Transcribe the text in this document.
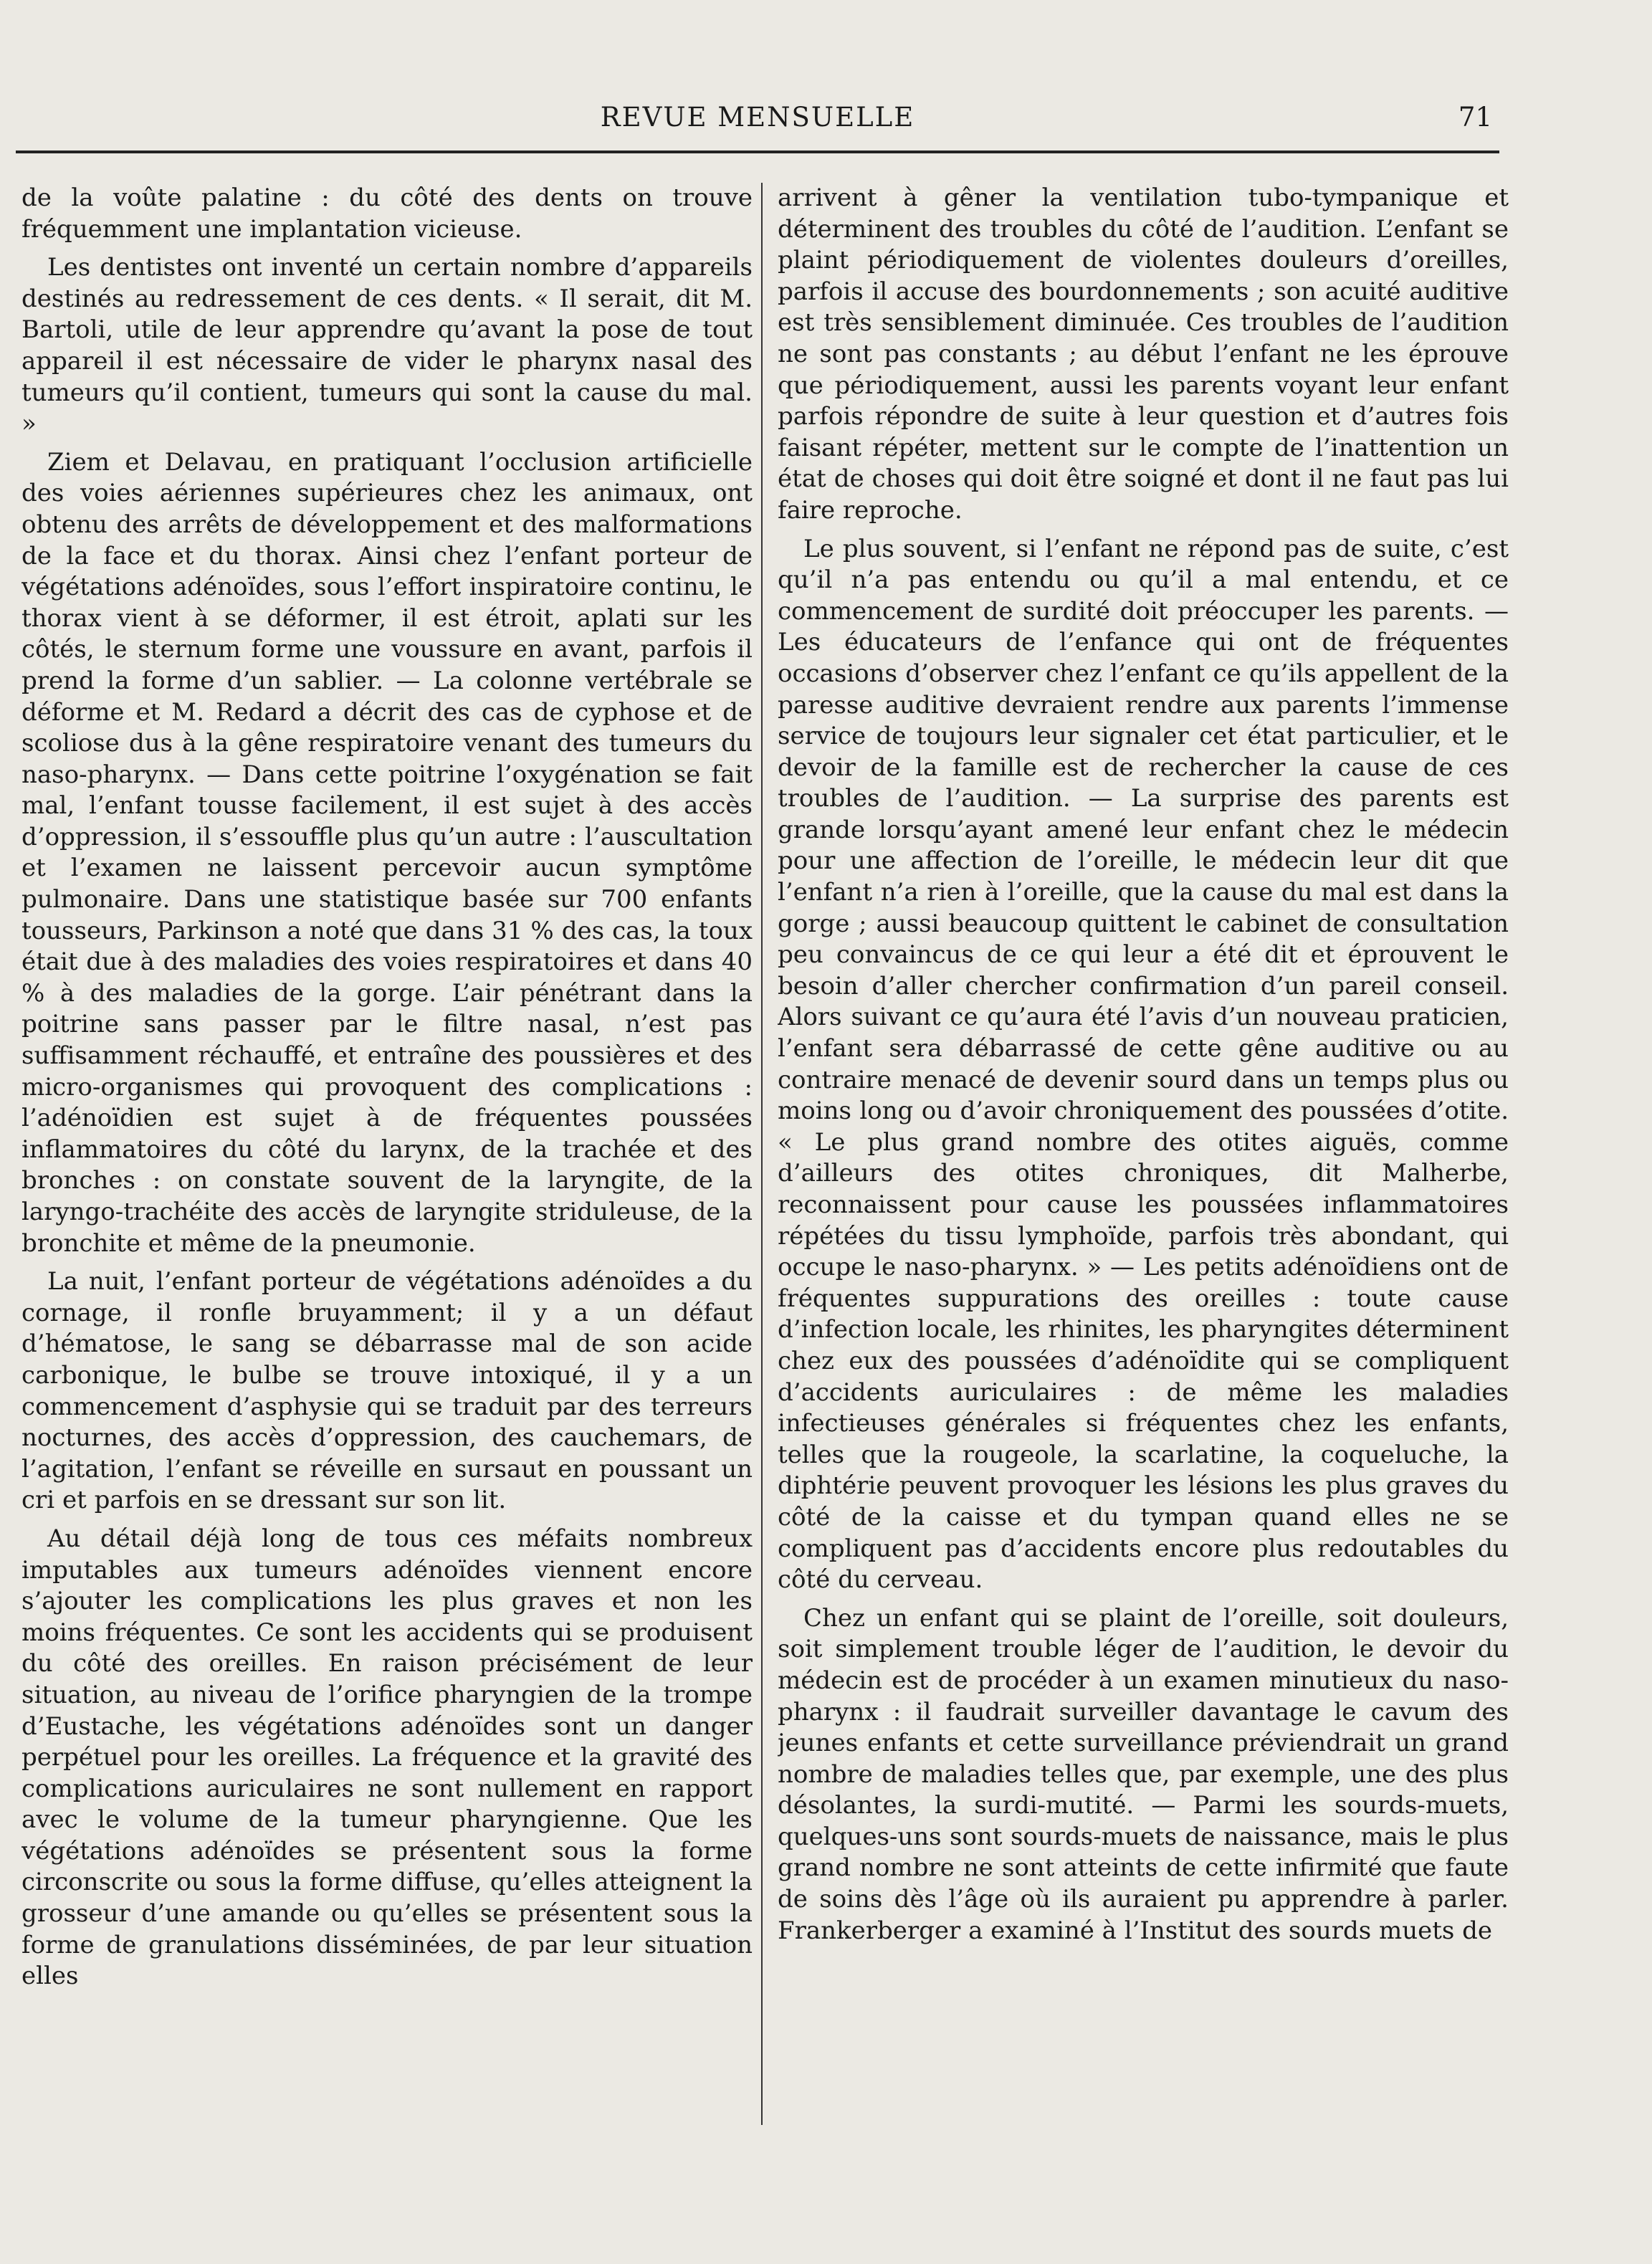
REVUE MENSUELLE	71

de la voûte palatine : du côté des dents on trouve fréquemment une implantation vicieuse.

Les dentistes ont inventé un certain nombre d’appareils destinés au redressement de ces dents. « Il serait, dit M. Bartoli, utile de leur apprendre qu’avant la pose de tout appareil il est nécessaire de vider le pharynx nasal des tumeurs qu’il contient, tumeurs qui sont la cause du mal. »

Ziem et Delavau, en pratiquant l’occlusion artificielle des voies aériennes supérieures chez les animaux, ont obtenu des arrêts de développement et des malformations de la face et du thorax. Ainsi chez l’enfant porteur de végétations adénoïdes, sous l’effort inspiratoire continu, le thorax vient à se déformer, il est étroit, aplati sur les côtés, le sternum forme une voussure en avant, parfois il prend la forme d’un sablier. — La colonne vertébrale se déforme et M. Redard a décrit des cas de cyphose et de scoliose dus à la gêne respiratoire venant des tumeurs du naso-pharynx. — Dans cette poitrine l’oxygénation se fait mal, l’enfant tousse facilement, il est sujet à des accès d’oppression, il s’essouffle plus qu’un autre : l’auscultation et l’examen ne laissent percevoir aucun symptôme pulmonaire. Dans une statistique basée sur 700 enfants tousseurs, Parkinson a noté que dans 31 % des cas, la toux était due à des maladies des voies respiratoires et dans 40 % à des maladies de la gorge. L’air pénétrant dans la poitrine sans passer par le filtre nasal, n’est pas suffisamment réchauffé, et entraîne des poussières et des micro-organismes qui provoquent des complications : l’adénoïdien est sujet à de fréquentes poussées inflammatoires du côté du larynx, de la trachée et des bronches : on constate souvent de la laryngite, de la laryngo-trachéite des accès de laryngite striduleuse, de la bronchite et même de la pneumonie.

La nuit, l’enfant porteur de végétations adénoïdes a du cornage, il ronfle bruyamment; il y a un défaut d’hématose, le sang se débarrasse mal de son acide carbonique, le bulbe se trouve intoxiqué, il y a un commencement d’asphysie qui se traduit par des terreurs nocturnes, des accès d’oppression, des cauchemars, de l’agitation, l’enfant se réveille en sursaut en poussant un cri et parfois en se dressant sur son lit.

Au détail déjà long de tous ces méfaits nombreux imputables aux tumeurs adénoïdes viennent encore s’ajouter les complications les plus graves et non les moins fréquentes. Ce sont les accidents qui se produisent du côté des oreilles. En raison précisément de leur situation, au niveau de l’orifice pharyngien de la trompe d’Eustache, les végétations adénoïdes sont un danger perpétuel pour les oreilles. La fréquence et la gravité des complications auriculaires ne sont nullement en rapport avec le volume de la tumeur pharyngienne. Que les végétations adénoïdes se présentent sous la forme circonscrite ou sous la forme diffuse, qu’elles atteignent la grosseur d’une amande ou qu’elles se présentent sous la forme de granulations disséminées, de par leur situation elles

arrivent à gêner la ventilation tubo-tympanique et déterminent des troubles du côté de l’audition. L’enfant se plaint périodiquement de violentes douleurs d’oreilles, parfois il accuse des bourdonnements ; son acuité auditive est très sensiblement diminuée. Ces troubles de l’audition ne sont pas constants ; au début l’enfant ne les éprouve que périodiquement, aussi les parents voyant leur enfant parfois répondre de suite à leur question et d’autres fois faisant répéter, mettent sur le compte de l’inattention un état de choses qui doit être soigné et dont il ne faut pas lui faire reproche.

Le plus souvent, si l’enfant ne répond pas de suite, c’est qu’il n’a pas entendu ou qu’il a mal entendu, et ce commencement de surdité doit préoccuper les parents. — Les éducateurs de l’enfance qui ont de fréquentes occasions d’observer chez l’enfant ce qu’ils appellent de la paresse auditive devraient rendre aux parents l’immense service de toujours leur signaler cet état particulier, et le devoir de la famille est de rechercher la cause de ces troubles de l’audition. — La surprise des parents est grande lorsqu’ayant amené leur enfant chez le médecin pour une affection de l’oreille, le médecin leur dit que l’enfant n’a rien à l’oreille, que la cause du mal est dans la gorge ; aussi beaucoup quittent le cabinet de consultation peu convaincus de ce qui leur a été dit et éprouvent le besoin d’aller chercher confirmation d’un pareil conseil. Alors suivant ce qu’aura été l’avis d’un nouveau praticien, l’enfant sera débarrassé de cette gêne auditive ou au contraire menacé de devenir sourd dans un temps plus ou moins long ou d’avoir chroniquement des poussées d’otite. « Le plus grand nombre des otites aiguës, comme d’ailleurs des otites chroniques, dit Malherbe, reconnaissent pour cause les poussées inflammatoires répétées du tissu lymphoïde, parfois très abondant, qui occupe le naso-pharynx. » — Les petits adénoïdiens ont de fréquentes suppurations des oreilles : toute cause d’infection locale, les rhinites, les pharyngites déterminent chez eux des poussées d’adénoïdite qui se compliquent d’accidents auriculaires : de même les maladies infectieuses générales si fréquentes chez les enfants, telles que la rougeole, la scarlatine, la coqueluche, la diphtérie peuvent provoquer les lésions les plus graves du côté de la caisse et du tympan quand elles ne se compliquent pas d’accidents encore plus redoutables du côté du cerveau.

Chez un enfant qui se plaint de l’oreille, soit douleurs, soit simplement trouble léger de l’audition, le devoir du médecin est de procéder à un examen minutieux du naso-pharynx : il faudrait surveiller davantage le cavum des jeunes enfants et cette surveillance préviendrait un grand nombre de maladies telles que, par exemple, une des plus désolantes, la surdi-mutité. — Parmi les sourds-muets, quelques-uns sont sourds-muets de naissance, mais le plus grand nombre ne sont atteints de cette infirmité que faute de soins dès l’âge où ils auraient pu apprendre à parler. Frankerberger a examiné à l’Institut des sourds muets de
